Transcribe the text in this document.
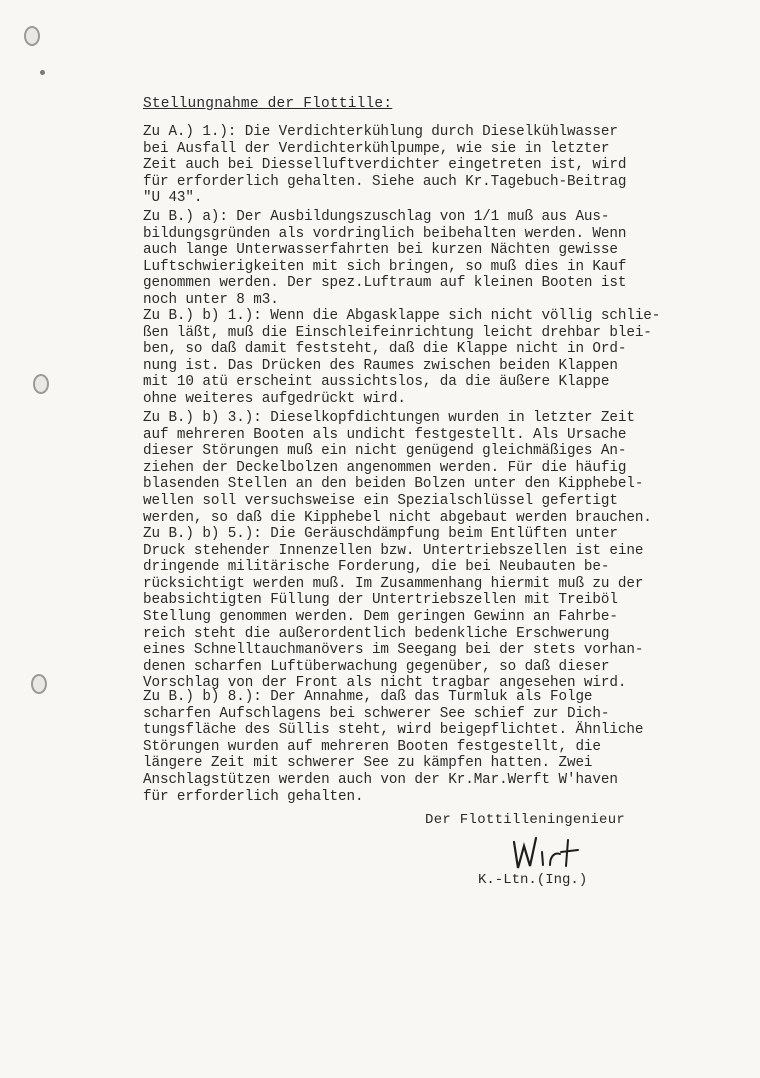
Stellungnahme der Flottille:
Zu A.) 1.): Die Verdichterkühlung durch Dieselkühlwasser
bei Ausfall der Verdichterkühlpumpe, wie sie in letzter
Zeit auch bei Diesselluftverdichter eingetreten ist, wird
für erforderlich gehalten. Siehe auch Kr.Tagebuch-Beitrag
"U 43".
Zu B.) a): Der Ausbildungszuschlag von 1/1 muß aus Aus-
bildungsgründen als vordringlich beibehalten werden. Wenn
auch lange Unterwasserfahrten bei kurzen Nächten gewisse
Luftschwierigkeiten mit sich bringen, so muß dies in Kauf
genommen werden. Der spez.Luftraum auf kleinen Booten ist
noch unter 8 m3.
Zu B.) b) 1.): Wenn die Abgasklappe sich nicht völlig schlie-
ßen läßt, muß die Einschleifeinrichtung leicht drehbar blei-
ben, so daß damit feststeht, daß die Klappe nicht in Ord-
nung ist. Das Drücken des Raumes zwischen beiden Klappen
mit 10 atü erscheint aussichtslos, da die äußere Klappe
ohne weiteres aufgedrückt wird.
Zu B.) b) 3.): Dieselkopfdichtungen wurden in letzter Zeit
auf mehreren Booten als undicht festgestellt. Als Ursache
dieser Störungen muß ein nicht genügend gleichmäßiges An-
ziehen der Deckelbolzen angenommen werden. Für die häufig
blasenden Stellen an den beiden Bolzen unter den Kipphebel-
wellen soll versuchsweise ein Spezialschlüssel gefertigt
werden, so daß die Kipphebel nicht abgebaut werden brauchen.
Zu B.) b) 5.): Die Geräuschdämpfung beim Entlüften unter
Druck stehender Innenzellen bzw. Untertriebszellen ist eine
dringende militärische Forderung, die bei Neubauten be-
rücksichtigt werden muß. Im Zusammenhang hiermit muß zu der
beabsichtigten Füllung der Untertriebszellen mit Treiböl
Stellung genommen werden. Dem geringen Gewinn an Fahrbe-
reich steht die außerordentlich bedenkliche Erschwerung
eines Schnelltauchmanövers im Seegang bei der stets vorhan-
denen scharfen Luftüberwachung gegenüber, so daß dieser
Vorschlag von der Front als nicht tragbar angesehen wird.
Zu B.) b) 8.): Der Annahme, daß das Turmluk als Folge
scharfen Aufschlagens bei schwerer See schief zur Dich-
tungsfläche des Süllis steht, wird beigepflichtet. Ähnliche
Störungen wurden auf mehreren Booten festgestellt, die
längere Zeit mit schwerer See zu kämpfen hatten. Zwei
Anschlagstützen werden auch von der Kr.Mar.Werft W'haven
für erforderlich gehalten.
Der Flottilleningenieur
K.-Ltn.(Ing.)
